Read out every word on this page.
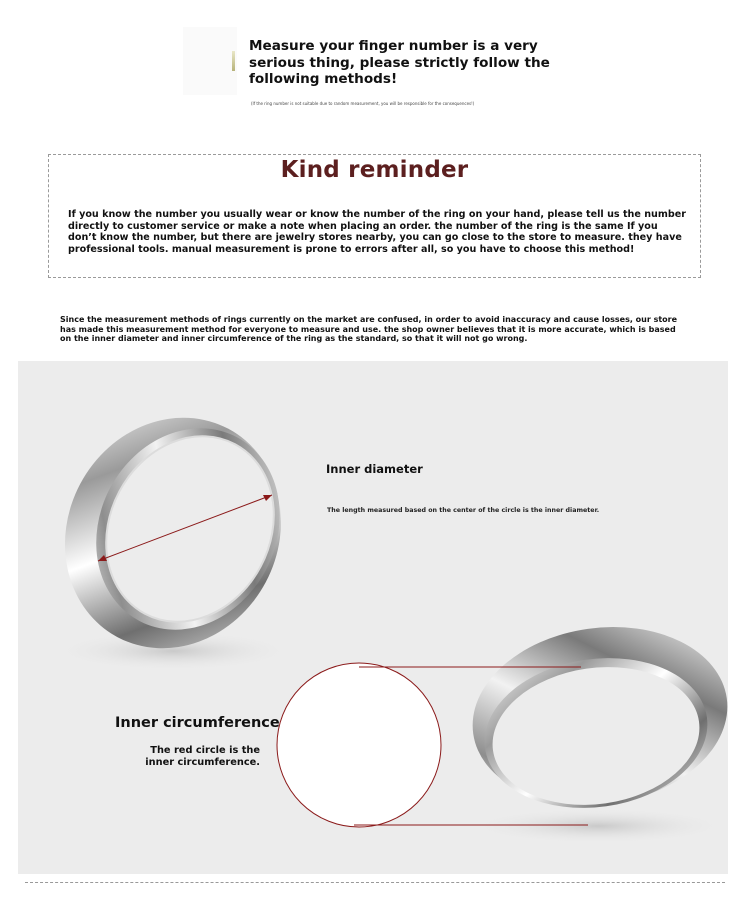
Measure your finger number is a very serious thing, please strictly follow the following methods!
(If the ring number is not suitable due to random measurement, you will be responsible for the consequences!)
Kind reminder
If you know the number you usually wear or know the number of the ring on your hand, please tell us the number directly to customer service or make a note when placing an order. the number of the ring is the same If you don’t know the number, but there are jewelry stores nearby, you can go close to the store to measure. they have professional tools. manual measurement is prone to errors after all, so you have to choose this method!
Since the measurement methods of rings currently on the market are confused, in order to avoid inaccuracy and cause losses, our store has made this measurement method for everyone to measure and use. the shop owner believes that it is more accurate, which is based on the inner diameter and inner circumference of the ring as the standard, so that it will not go wrong.
Inner diameter
The length measured based on the center of the circle is the inner diameter.
Inner circumference
The red circle is the inner circumference.
